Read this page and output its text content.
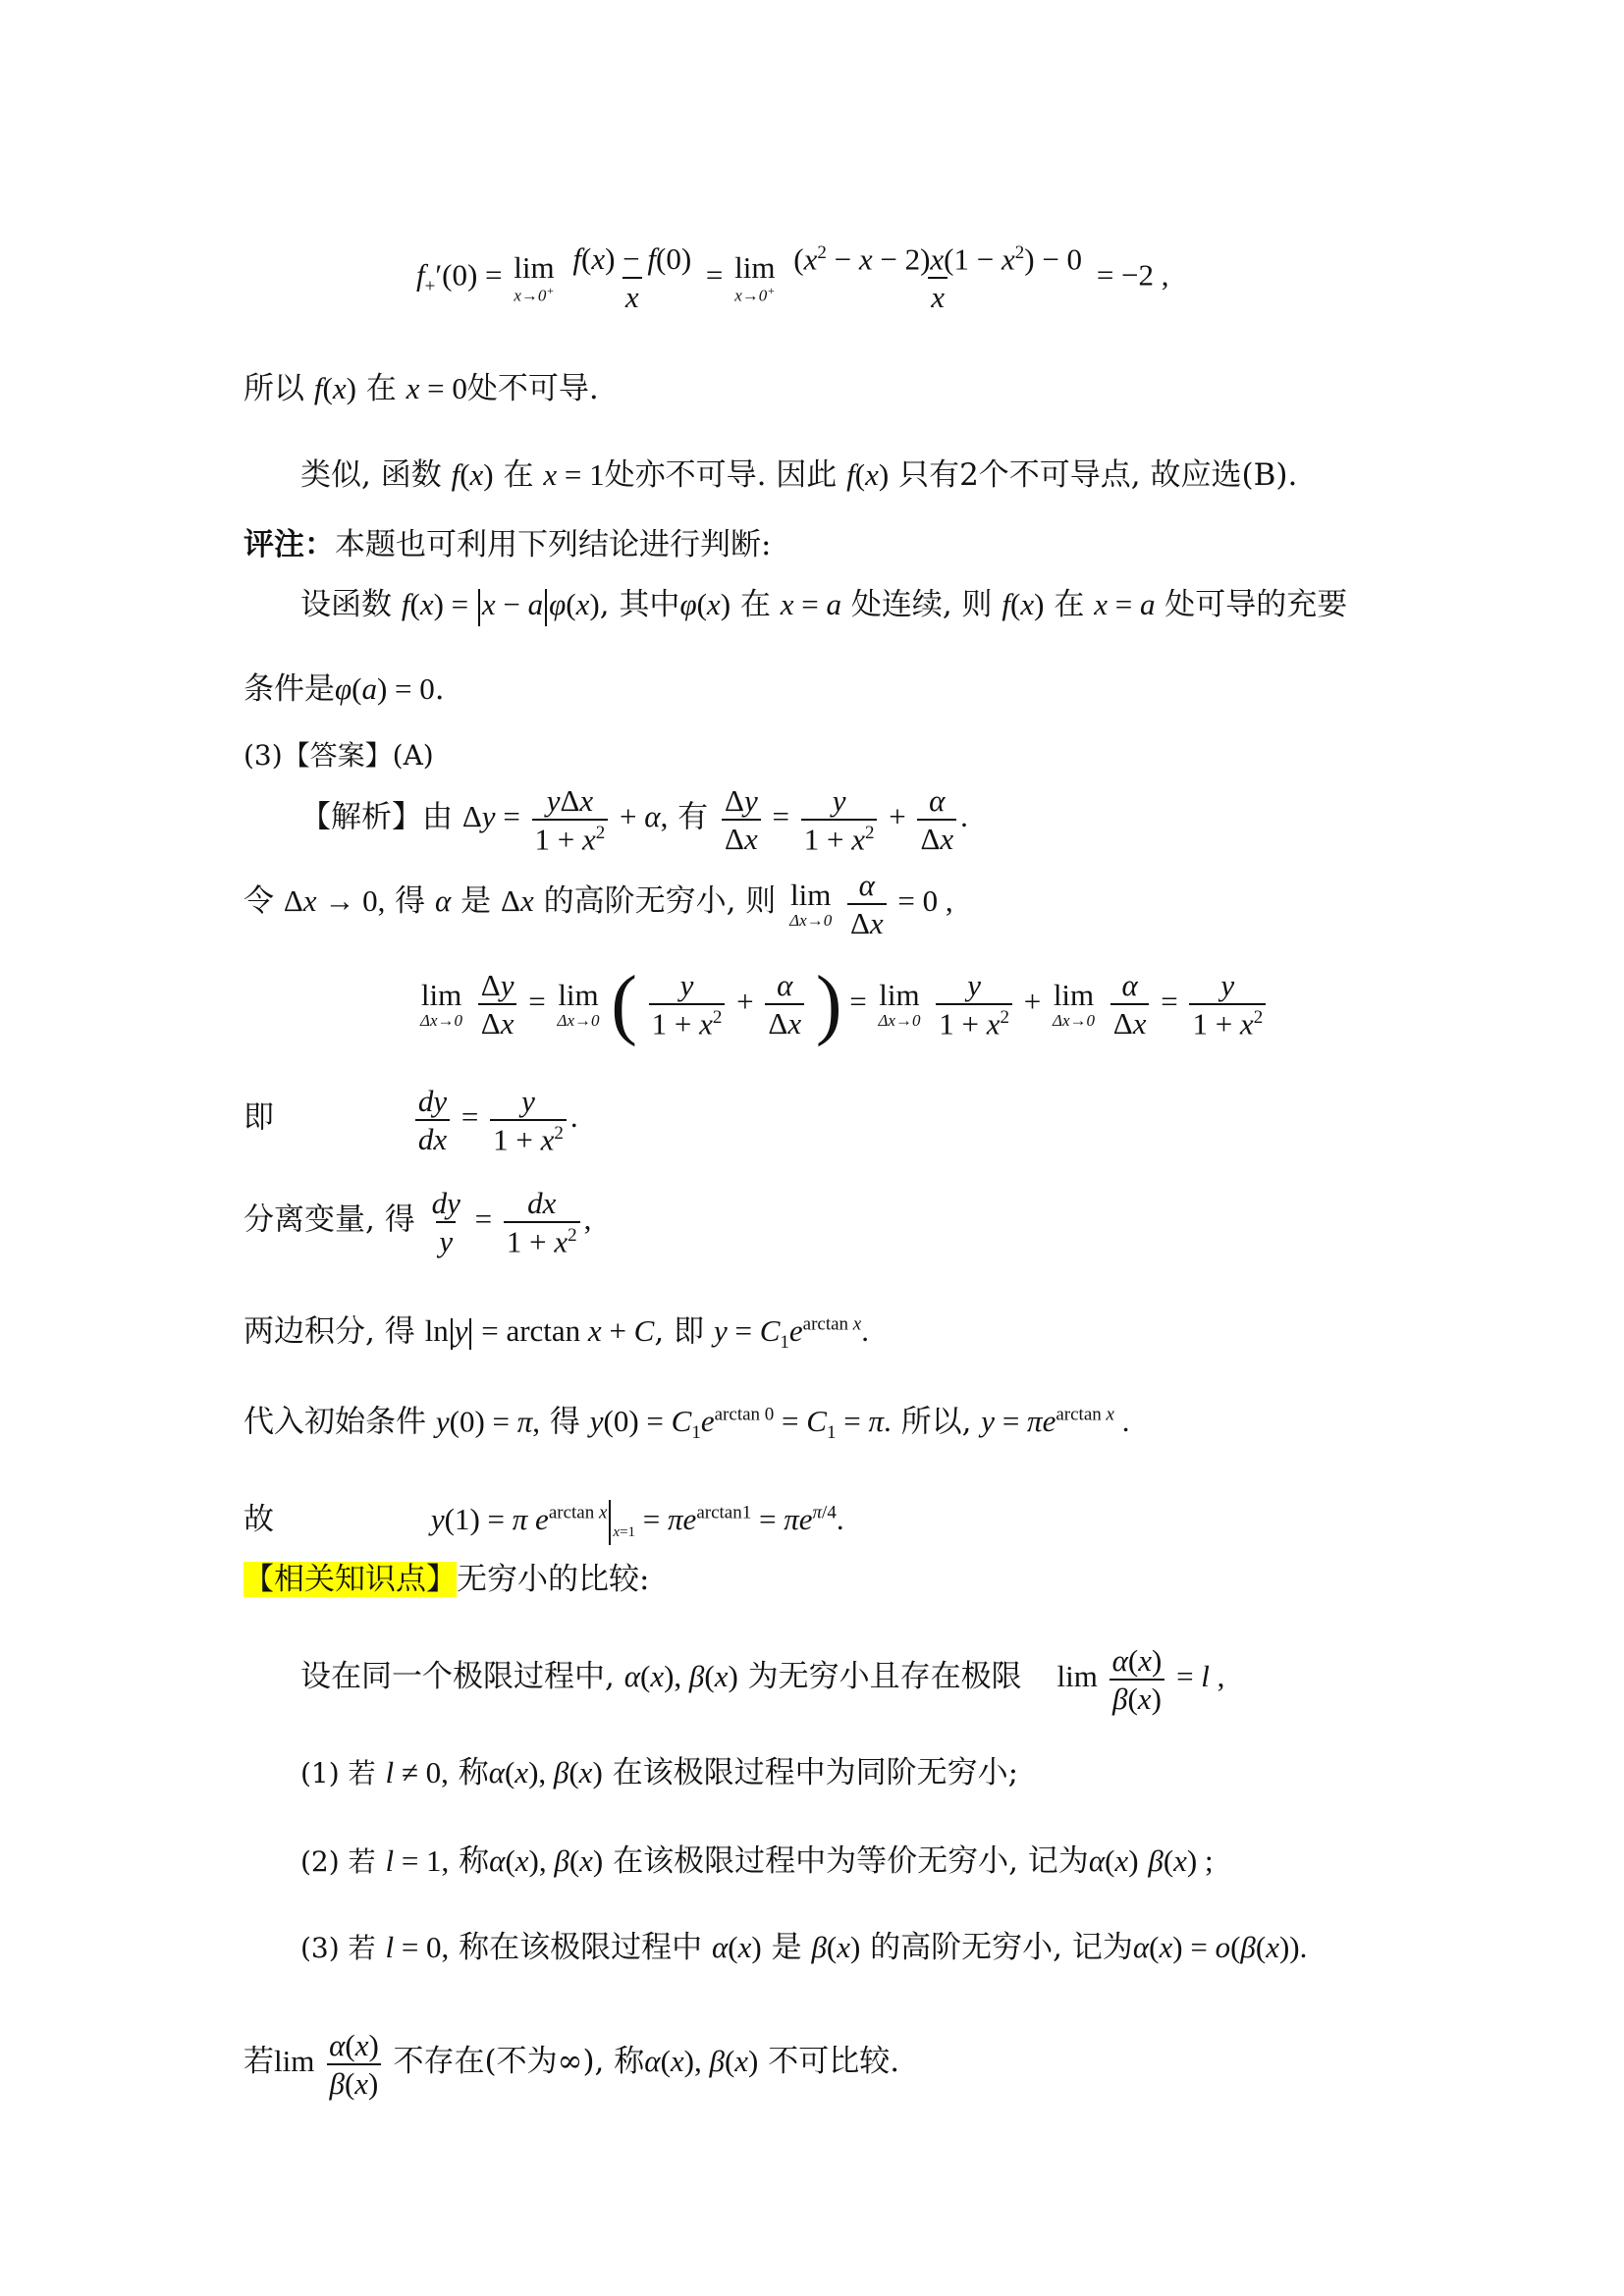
$f_+'(0) = \lim$
x→0+
$\frac{f(x) - f(0)}{x} = \lim$
x→0+
$\frac{(x^2 - x - 2)x(1 - x^2) - 0}{x} = -2$ ,
所以 f(x) 在 x = 0处不可导.
类似, 函数 f(x) 在 x = 1处亦不可导. 因此 f(x) 只有2个不可导点, 故应选(B).
评注：本题也可利用下列结论进行判断:
设函数 f(x) = x − a φ(x), 其中φ(x) 在 x = a 处连续, 则 f(x) 在 x = a 处可导的充要
条件是φ(a) = 0.
(3)【答案】(A)
【解析】由 $\Delta y = \frac{\text{yΔx}}{1 + x^2} + \alpha$, 有 $\frac{\Delta y}{\Delta x} = \frac{y}{1 + x^2} + \frac{\alpha}{\Delta x}$ .
令 Δx → 0, 得 α 是 Δx 的高阶无穷小, 则 lim
Δx→0
$\frac{\alpha}{\Delta x} = 0$ ,
lim
Δx→0
$\frac{\Delta y}{\Delta x} = \lim$
Δx→0 ( $\frac{y}{1 + x^2} + \frac{\alpha}{\Delta x}$ ) = lim
Δx→0
$\frac{y}{1 + x^2} + \lim$
Δx→0
$\frac{\alpha}{\Delta x} = \frac{y}{1 + x^2}$
即	$\frac{dy}{dx} = \frac{y}{1 + x^2}$ .
分离变量, 得 $\frac{dy}{y} = \frac{dx}{1 + x^2}$ ,
两边积分, 得 ln y = arctan x + C, 即 $y = C_1e^{arctan x}$.
代入初始条件 y(0) = π, 得 $y(0) = C_1e^{arctan 0} = C_1 = \pi$. 所以, $y = \pi e^{arctan x}$ .
故	y(1) = π $e^{arctan x}_{x=1} = \pi e^{arctan1} = \pi e^{\pi/4}$.
【相关知识点】无穷小的比较:
设在同一个极限过程中, α(x), β(x) 为无穷小且存在极限 $\lim \frac{\alpha(x)}{\beta(x)} = l$ ,
(1) 若 l ≠ 0, 称α(x), β(x) 在该极限过程中为同阶无穷小;
(2) 若 l = 1, 称α(x), β(x) 在该极限过程中为等价无穷小, 记为α(x) β(x) ;
(3) 若 l = 0, 称在该极限过程中 α(x) 是 β(x) 的高阶无穷小, 记为α(x) = o(β(x)).
若$\lim \frac{\alpha(x)}{\beta(x)}$ 不存在(不为∞), 称α(x), β(x) 不可比较.
